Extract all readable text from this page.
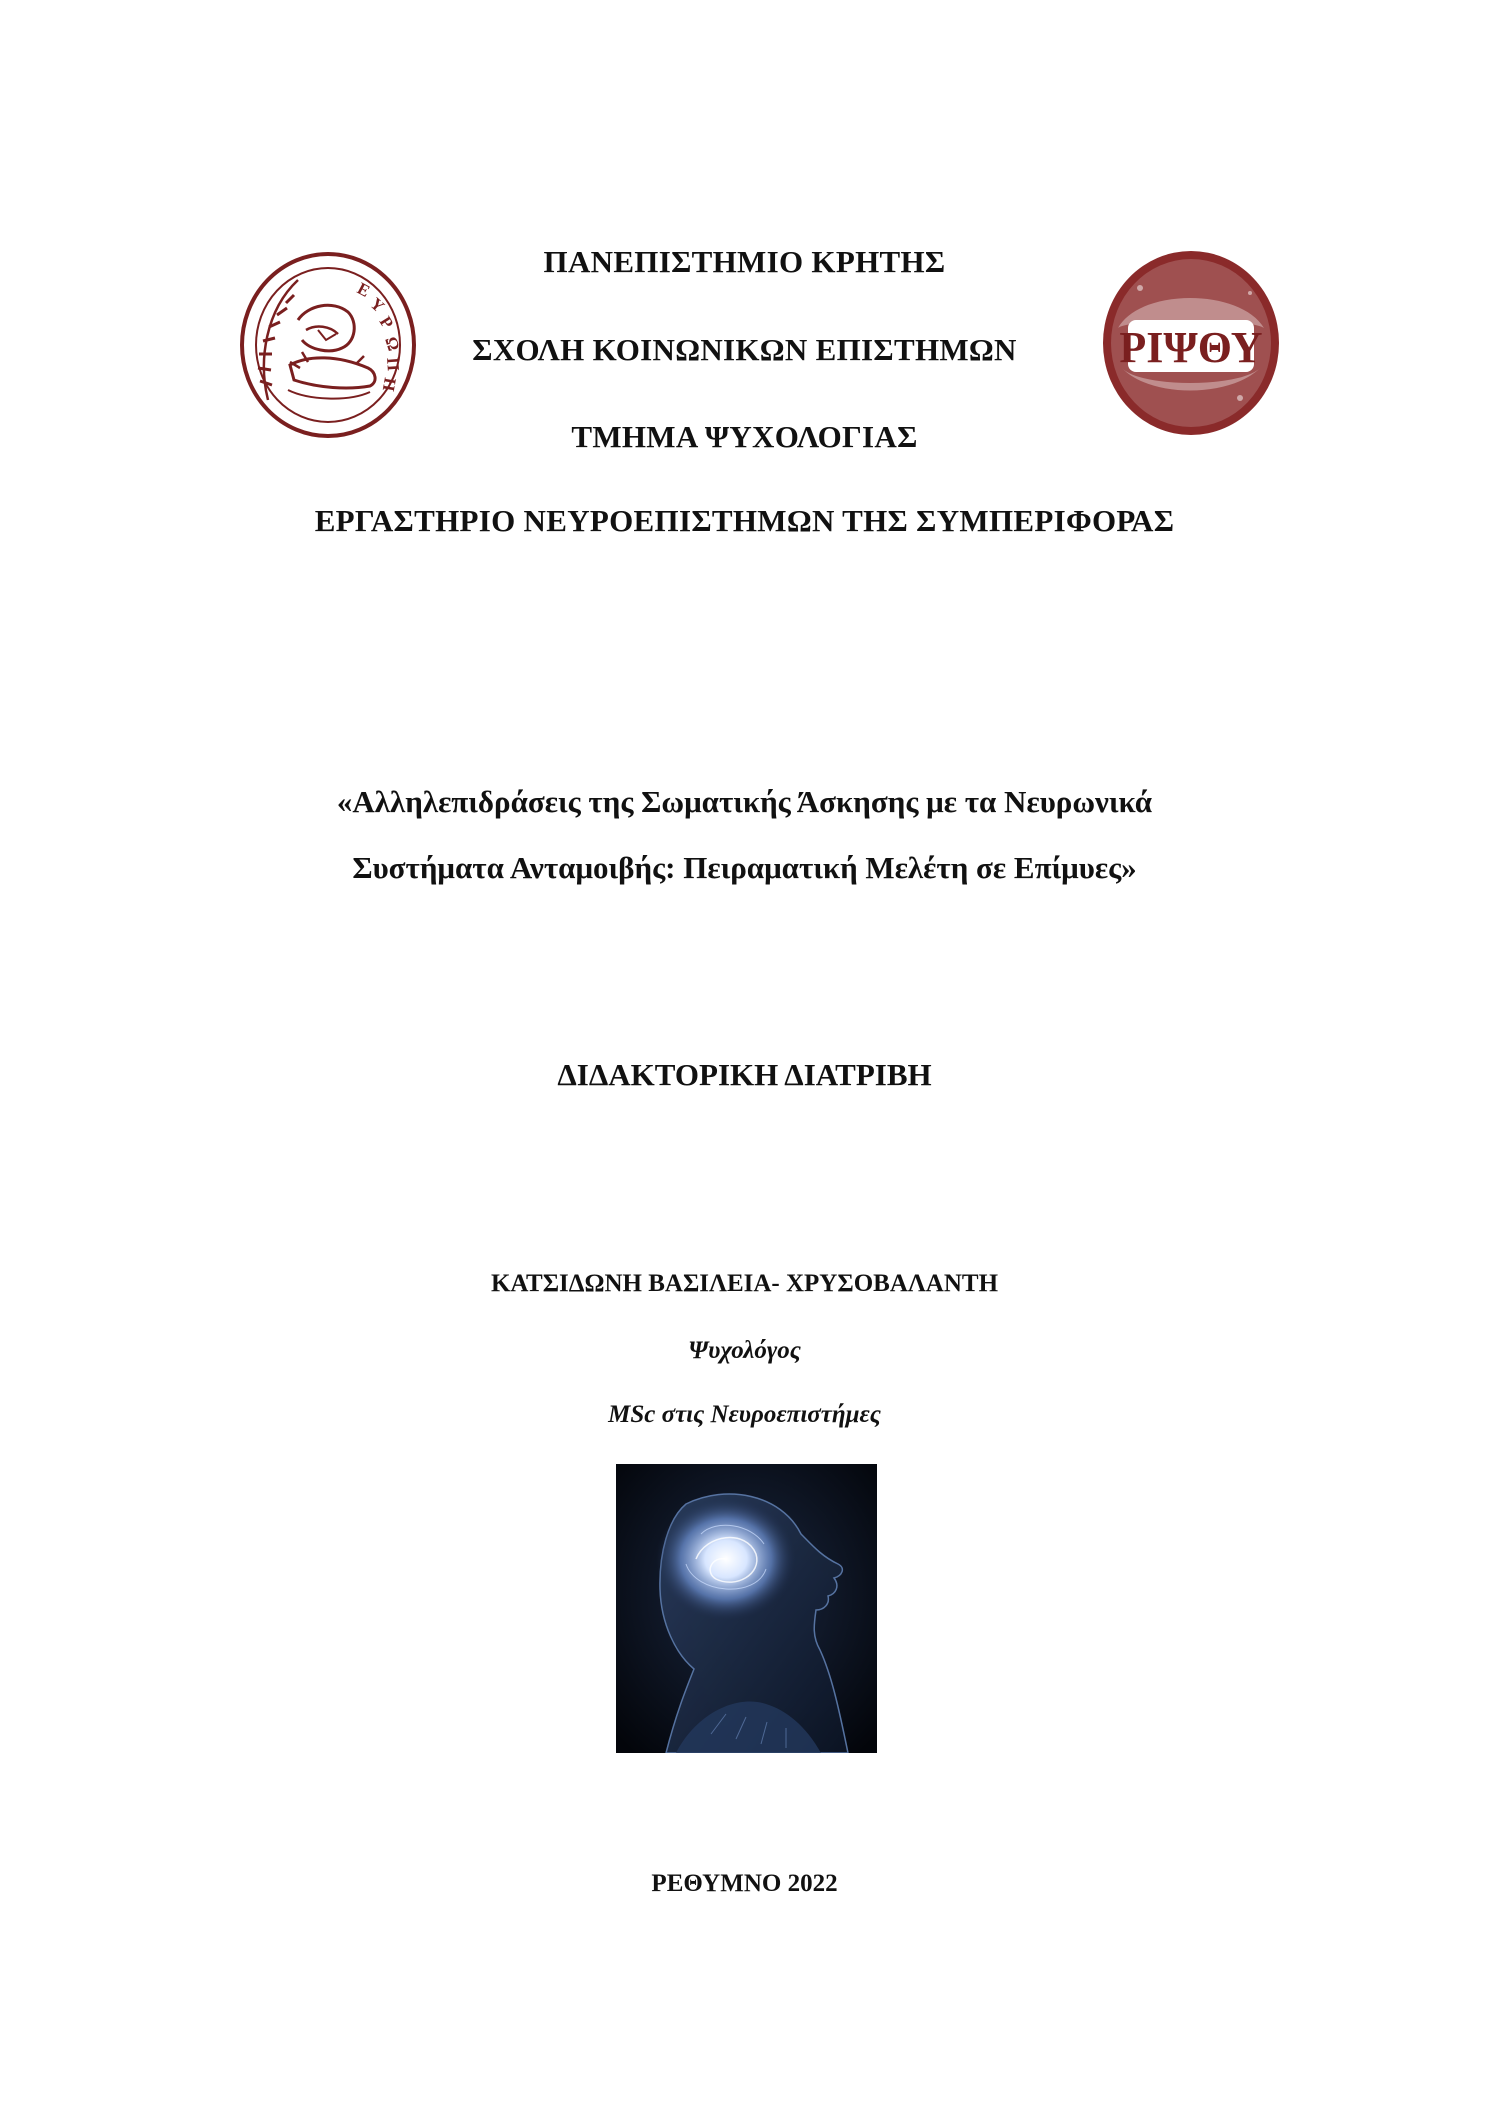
Ε
Υ
Ρ
Ω
Π
Η
ΡΙΨΘΥ
ΠΑΝΕΠΙΣΤΗΜΙΟ ΚΡΗΤΗΣ
ΣΧΟΛΗ ΚΟΙΝΩΝΙΚΩΝ ΕΠΙΣΤΗΜΩΝ
ΤΜΗΜΑ ΨΥΧΟΛΟΓΙΑΣ
ΕΡΓΑΣΤΗΡΙΟ ΝΕΥΡΟΕΠΙΣΤΗΜΩΝ ΤΗΣ ΣΥΜΠΕΡΙΦΟΡΑΣ
«Αλληλεπιδράσεις της Σωματικής Άσκησης με τα Νευρωνικά
Συστήματα Ανταμοιβής: Πειραματική Μελέτη σε Επίμυες»
ΔΙΔΑΚΤΟΡΙΚΗ ΔΙΑΤΡΙΒΗ
ΚΑΤΣΙΔΩΝΗ ΒΑΣΙΛΕΙΑ- ΧΡΥΣΟΒΑΛΑΝΤΗ
Ψυχολόγος
MSc στις Νευροεπιστήμες
ΡΕΘΥΜΝΟ 2022
